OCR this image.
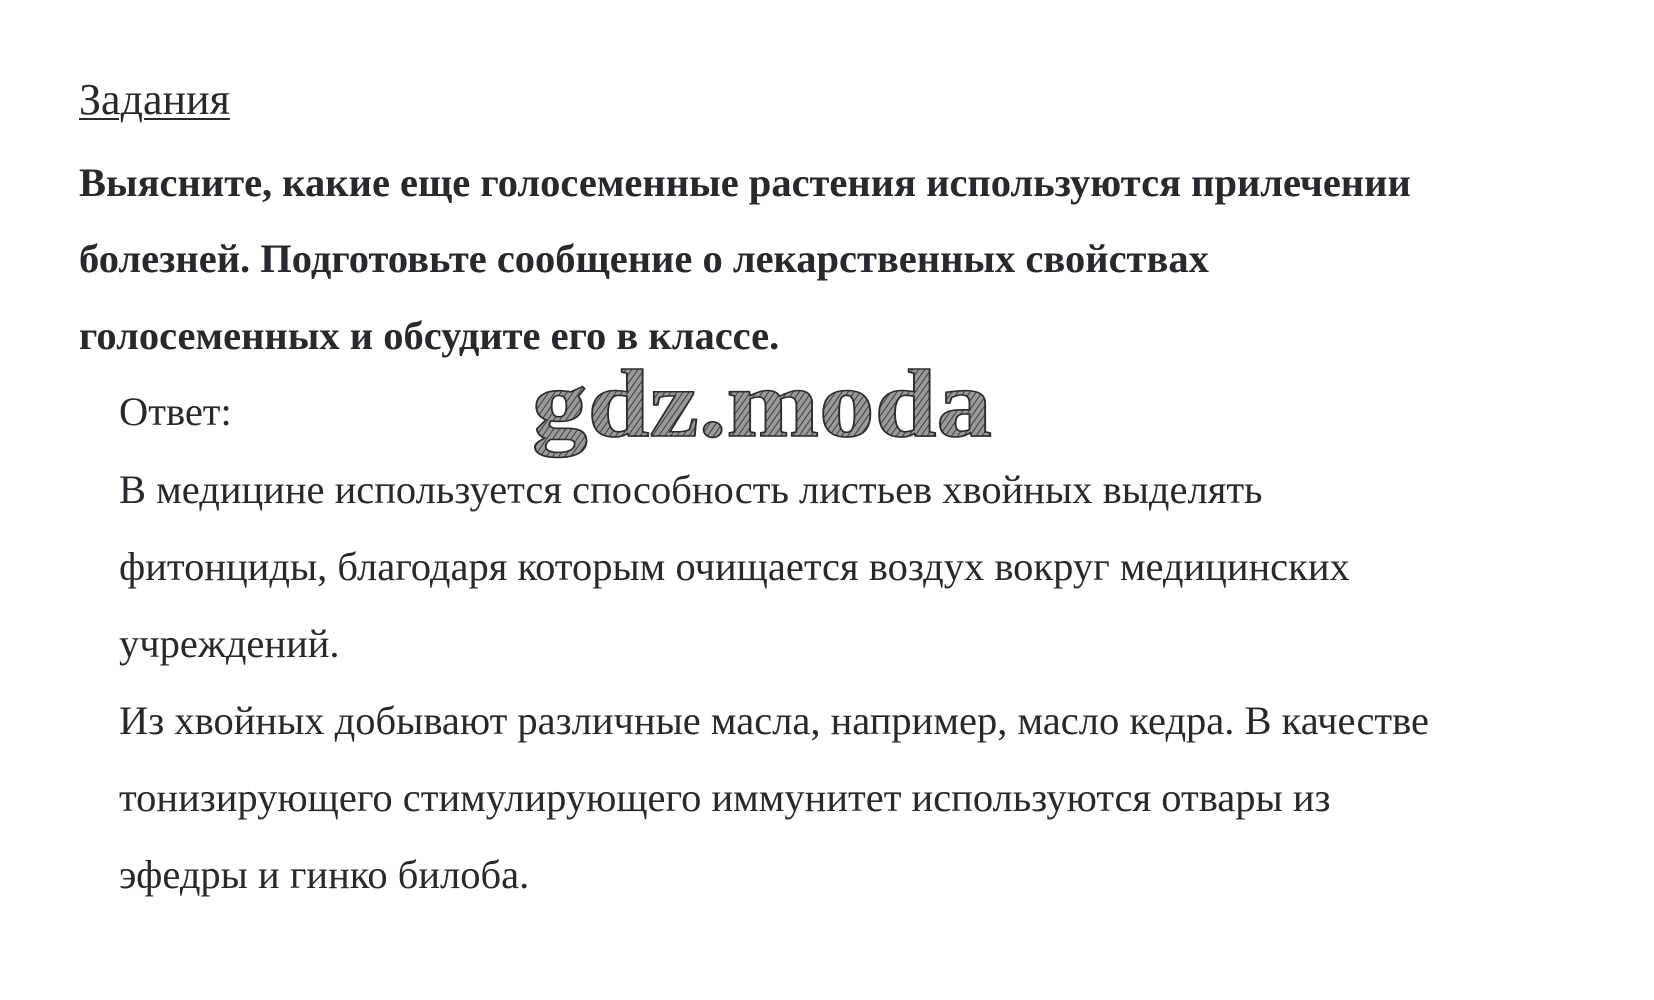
Задания
Выясните, какие еще голосеменные растения используются прилечении
болезней. Подготовьте сообщение о лекарственных свойствах
голосеменных и обсудите его в классе.
Ответ:
В медицине используется способность листьев хвойных выделять
фитонциды, благодаря которым очищается воздух вокруг медицинских
учреждений.
Из хвойных добывают различные масла, например, масло кедра. В качестве
тонизирующего стимулирующего иммунитет используются отвары из
эфедры и гинко билоба.
gdz.moda
